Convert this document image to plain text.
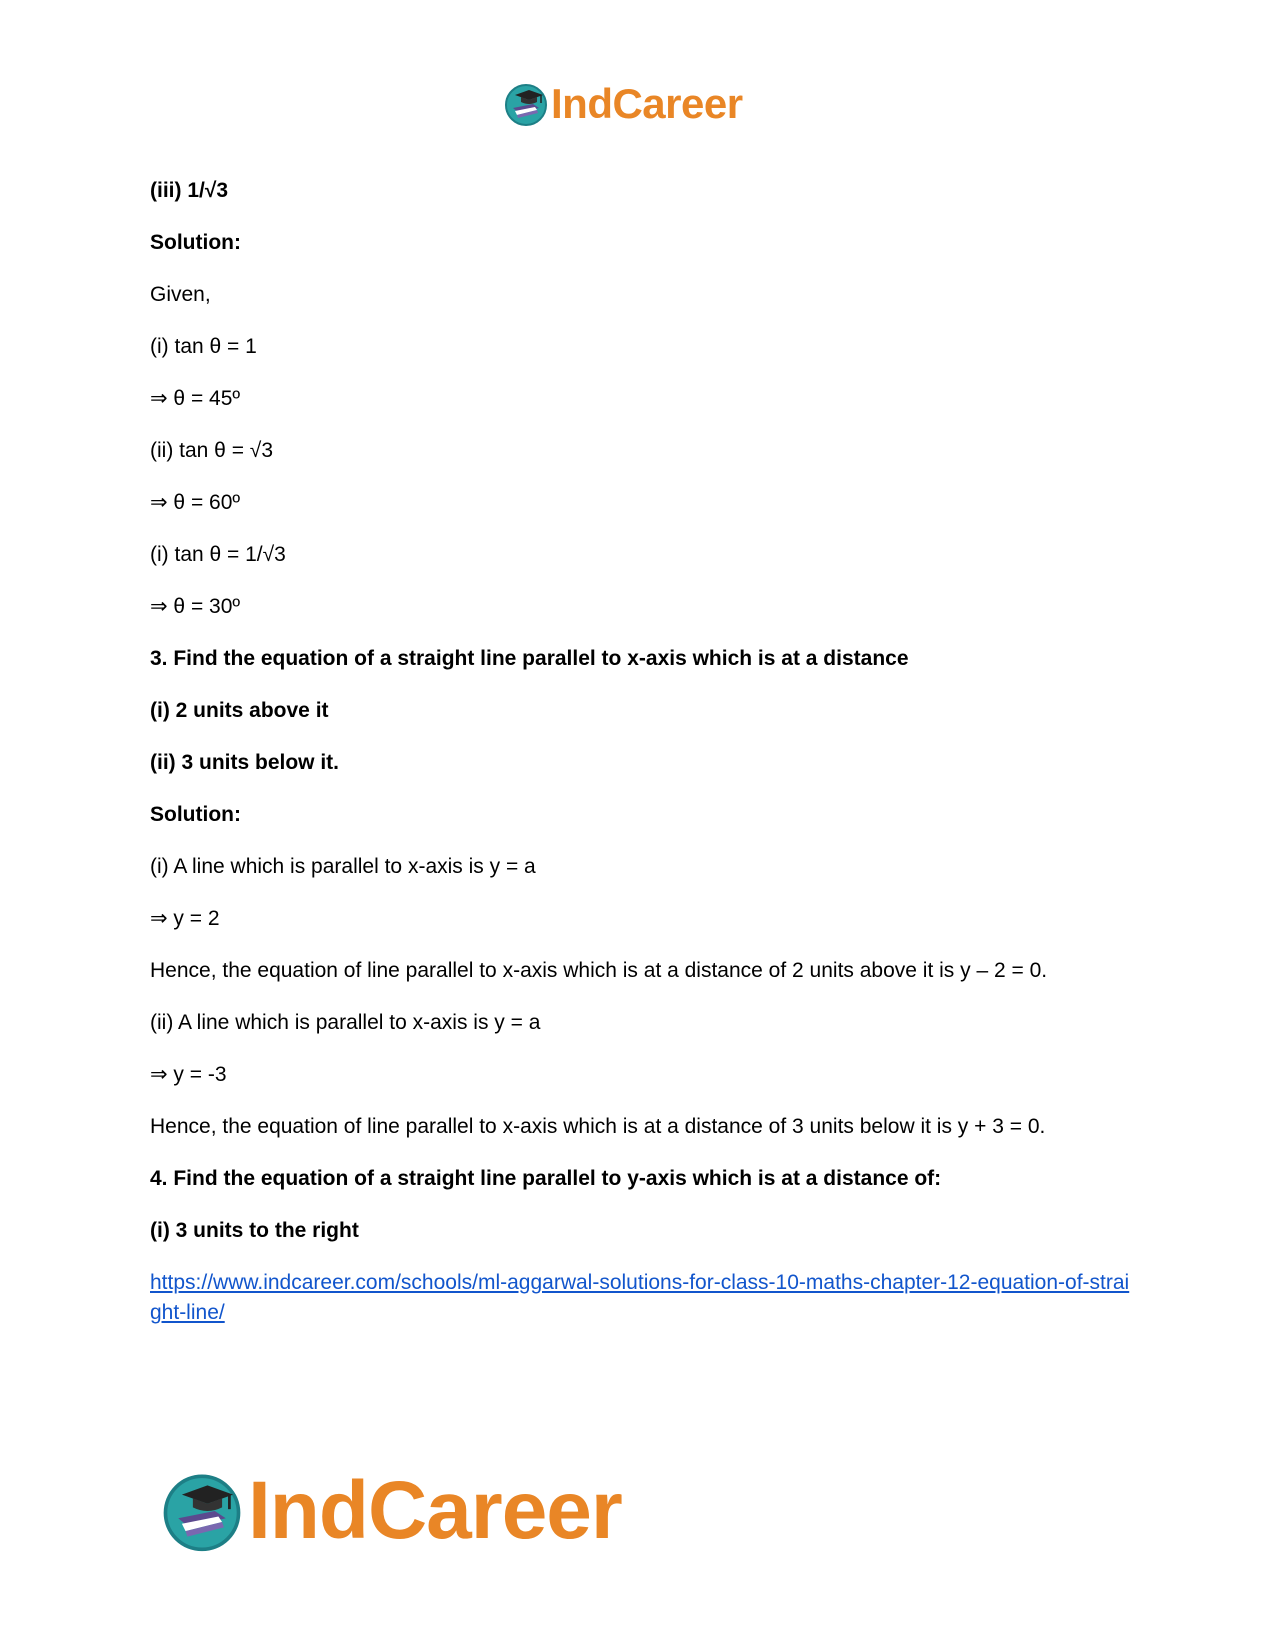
IndCareer

(iii) 1/√3

Solution:

Given,

(i) tan θ = 1

⇒ θ = 45º

(ii) tan θ = √3

⇒ θ = 60º

(i) tan θ = 1/√3

⇒ θ = 30º

3. Find the equation of a straight line parallel to x-axis which is at a distance

(i) 2 units above it

(ii) 3 units below it.

Solution:

(i) A line which is parallel to x-axis is y = a

⇒ y = 2

Hence, the equation of line parallel to x-axis which is at a distance of 2 units above it is y – 2 = 0.

(ii) A line which is parallel to x-axis is y = a

⇒ y = -3

Hence, the equation of line parallel to x-axis which is at a distance of 3 units below it is y + 3 = 0.

4. Find the equation of a straight line parallel to y-axis which is at a distance of:

(i) 3 units to the right

https://www.indcareer.com/schools/ml-aggarwal-solutions-for-class-10-maths-chapter-12-equation-of-straight-line/
IndCareer
